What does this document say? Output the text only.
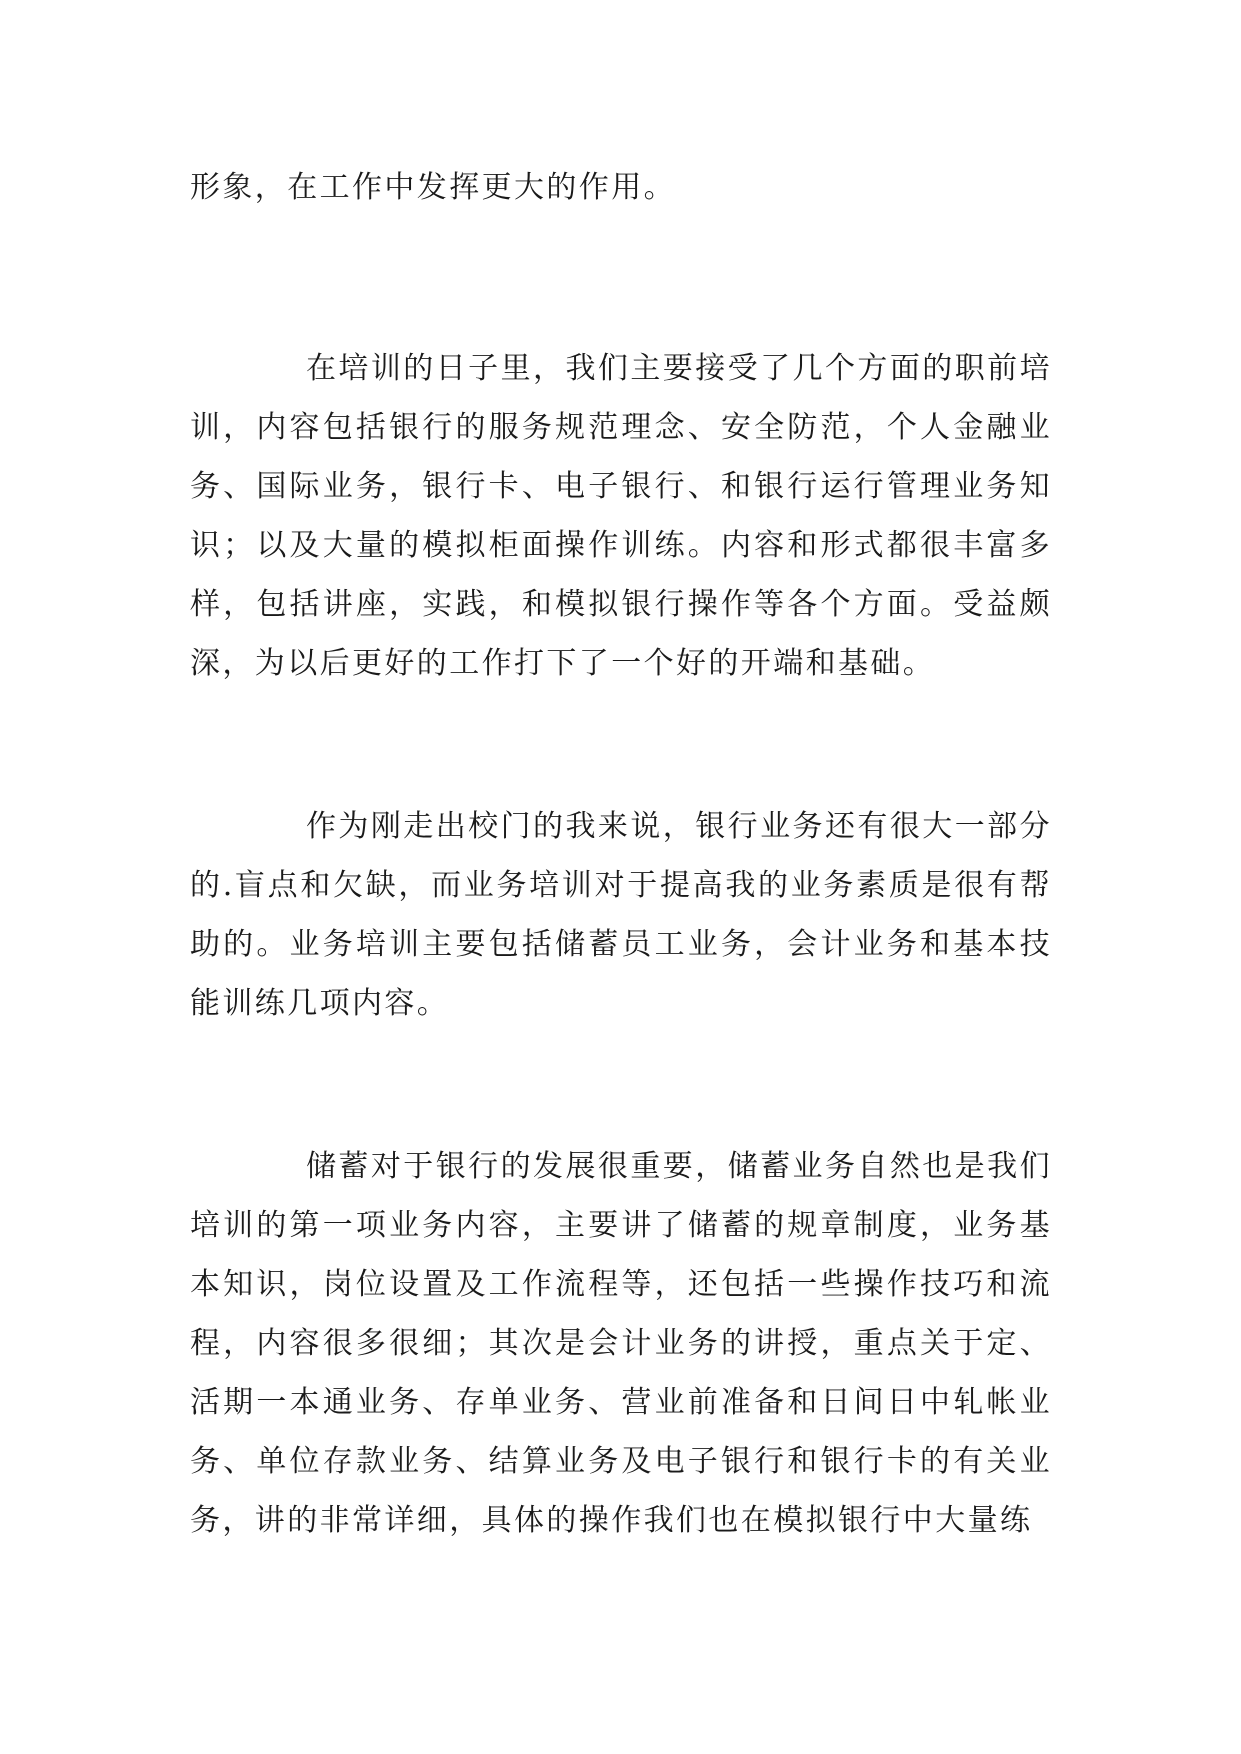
形象，在工作中发挥更大的作用。

在培训的日子里，我们主要接受了几个方面的职前培训，内容包括银行的服务规范理念、安全防范，个人金融业务、国际业务，银行卡、电子银行、和银行运行管理业务知识；以及大量的模拟柜面操作训练。内容和形式都很丰富多样，包括讲座，实践，和模拟银行操作等各个方面。受益颇深，为以后更好的工作打下了一个好的开端和基础。

作为刚走出校门的我来说，银行业务还有很大一部分的.盲点和欠缺，而业务培训对于提高我的业务素质是很有帮助的。业务培训主要包括储蓄员工业务，会计业务和基本技能训练几项内容。

储蓄对于银行的发展很重要，储蓄业务自然也是我们培训的第一项业务内容，主要讲了储蓄的规章制度，业务基本知识，岗位设置及工作流程等，还包括一些操作技巧和流程，内容很多很细；其次是会计业务的讲授，重点关于定、活期一本通业务、存单业务、营业前准备和日间日中轧帐业务、单位存款业务、结算业务及电子银行和银行卡的有关业务，讲的非常详细，具体的操作我们也在模拟银行中大量练
